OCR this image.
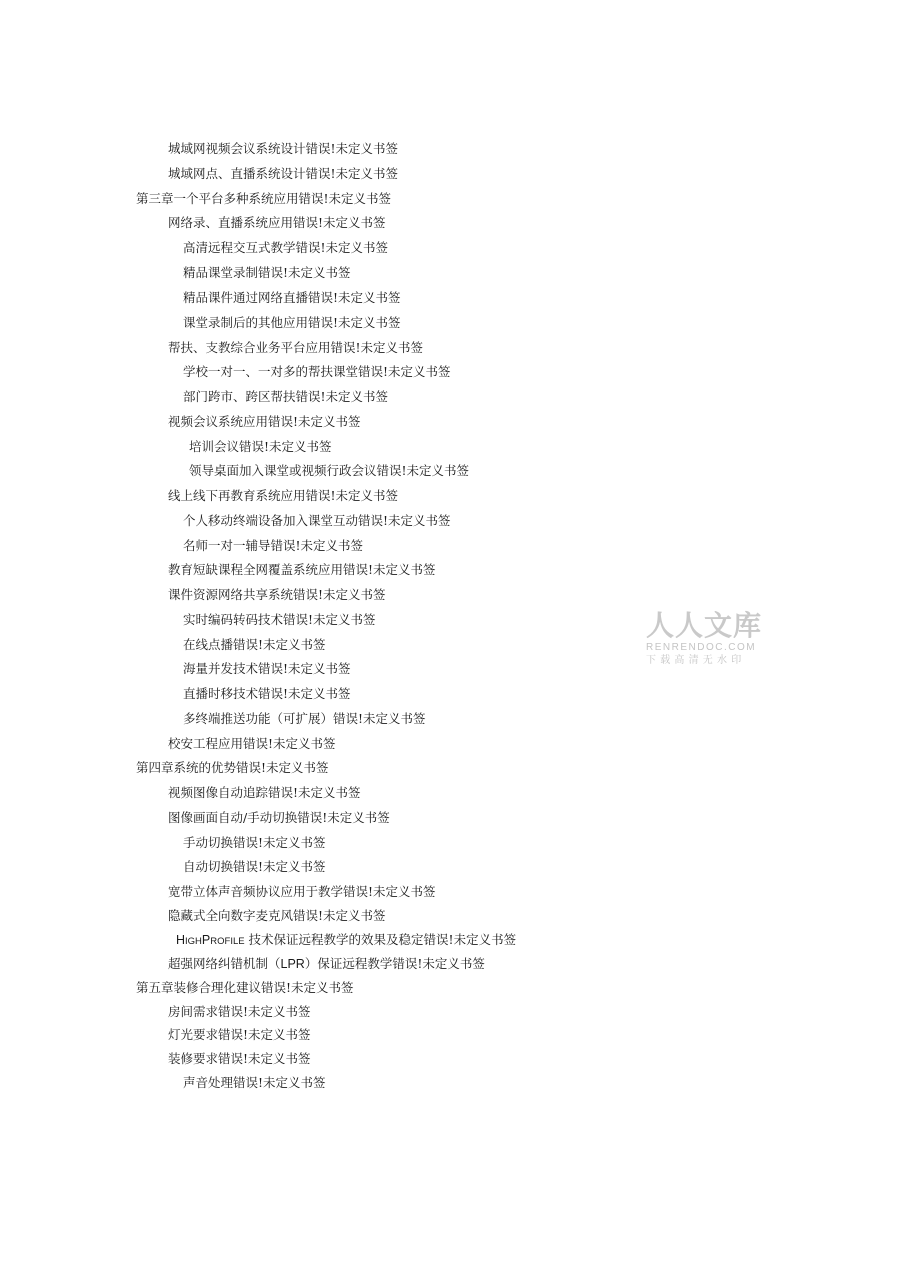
城域网视频会议系统设计错误!未定义书签
城域网点、直播系统设计错误!未定义书签
第三章一个平台多种系统应用错误!未定义书签
网络录、直播系统应用错误!未定义书签
高清远程交互式教学错误!未定义书签
精品课堂录制错误!未定义书签
精品课件通过网络直播错误!未定义书签
课堂录制后的其他应用错误!未定义书签
帮扶、支教综合业务平台应用错误!未定义书签
学校一对一、一对多的帮扶课堂错误!未定义书签
部门跨市、跨区帮扶错误!未定义书签
视频会议系统应用错误!未定义书签
培训会议错误!未定义书签
领导桌面加入课堂或视频行政会议错误!未定义书签
线上线下再教育系统应用错误!未定义书签
个人移动终端设备加入课堂互动错误!未定义书签
名师一对一辅导错误!未定义书签
教育短缺课程全网覆盖系统应用错误!未定义书签
课件资源网络共享系统错误!未定义书签
实时编码转码技术错误!未定义书签
在线点播错误!未定义书签
海量并发技术错误!未定义书签
直播时移技术错误!未定义书签
多终端推送功能（可扩展）错误!未定义书签
校安工程应用错误!未定义书签
第四章系统的优势错误!未定义书签
视频图像自动追踪错误!未定义书签
图像画面自动/手动切换错误!未定义书签
手动切换错误!未定义书签
自动切换错误!未定义书签
宽带立体声音频协议应用于教学错误!未定义书签
隐藏式全向数字麦克风错误!未定义书签
HIGHPROFILE 技术保证远程教学的效果及稳定错误!未定义书签
超强网络纠错机制（LPR）保证远程教学错误!未定义书签
第五章装修合理化建议错误!未定义书签
房间需求错误!未定义书签
灯光要求错误!未定义书签
装修要求错误!未定义书签
声音处理错误!未定义书签
人人文库
RENRENDOC.COM
下载高清无水印
